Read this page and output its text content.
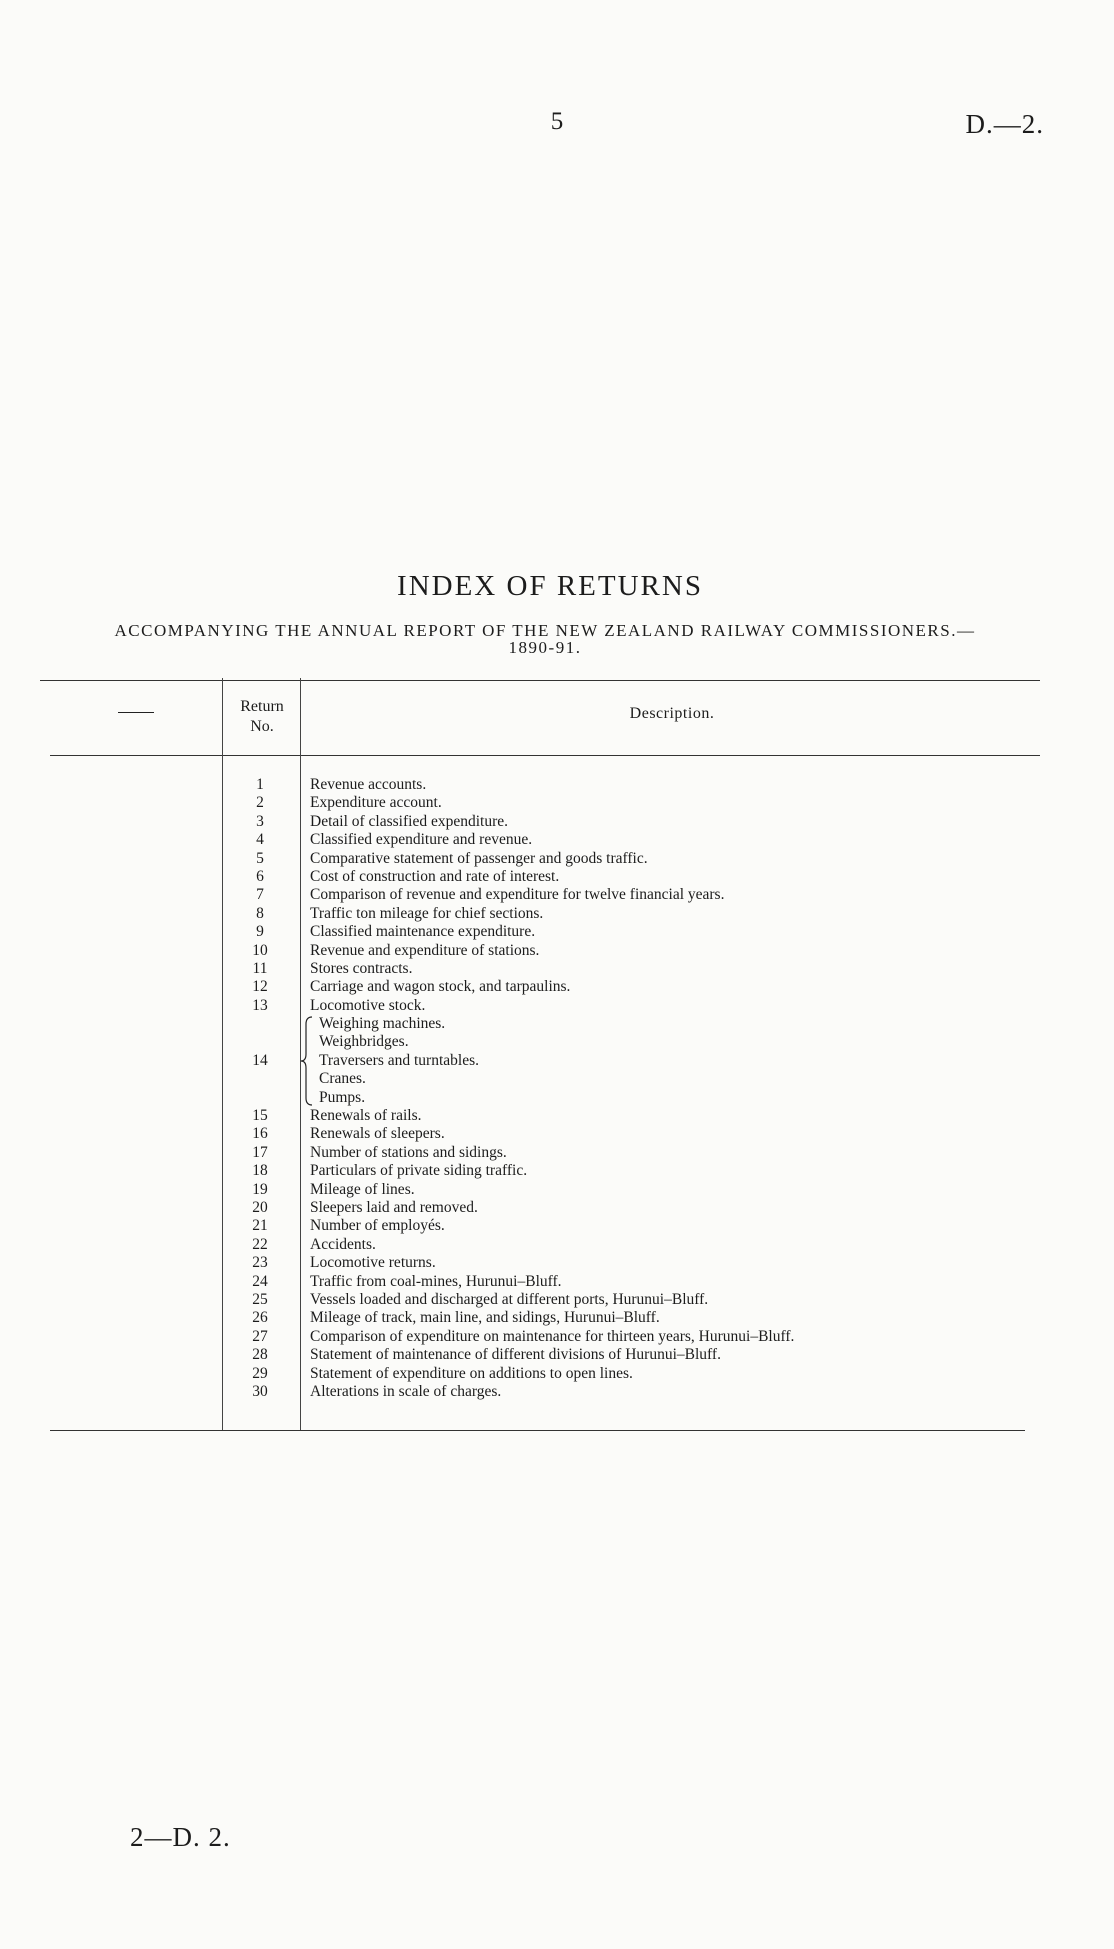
5	D.—2.
INDEX OF RETURNS
ACCOMPANYING THE ANNUAL REPORT OF THE NEW ZEALAND RAILWAY COMMISSIONERS.—
1890-91.
Return
No.
Description.
1	Revenue accounts.
2	Expenditure account.
3	Detail of classified expenditure.
4	Classified expenditure and revenue.
5	Comparative statement of passenger and goods traffic.
6	Cost of construction and rate of interest.
7	Comparison of revenue and expenditure for twelve financial years.
8	Traffic ton mileage for chief sections.
9	Classified maintenance expenditure.
10	Revenue and expenditure of stations.
11	Stores contracts.
12	Carriage and wagon stock, and tarpaulins.
13	Locomotive stock.
Weighing machines.
Weighbridges.
14	Traversers and turntables.
Cranes.
Pumps.
15	Renewals of rails.
16	Renewals of sleepers.
17	Number of stations and sidings.
18	Particulars of private siding traffic.
19	Mileage of lines.
20	Sleepers laid and removed.
21	Number of employés.
22	Accidents.
23	Locomotive returns.
24	Traffic from coal-mines, Hurunui–Bluff.
25	Vessels loaded and discharged at different ports, Hurunui–Bluff.
26	Mileage of track, main line, and sidings, Hurunui–Bluff.
27	Comparison of expenditure on maintenance for thirteen years, Hurunui–Bluff.
28	Statement of maintenance of different divisions of Hurunui–Bluff.
29	Statement of expenditure on additions to open lines.
30	Alterations in scale of charges.
2—D. 2.
